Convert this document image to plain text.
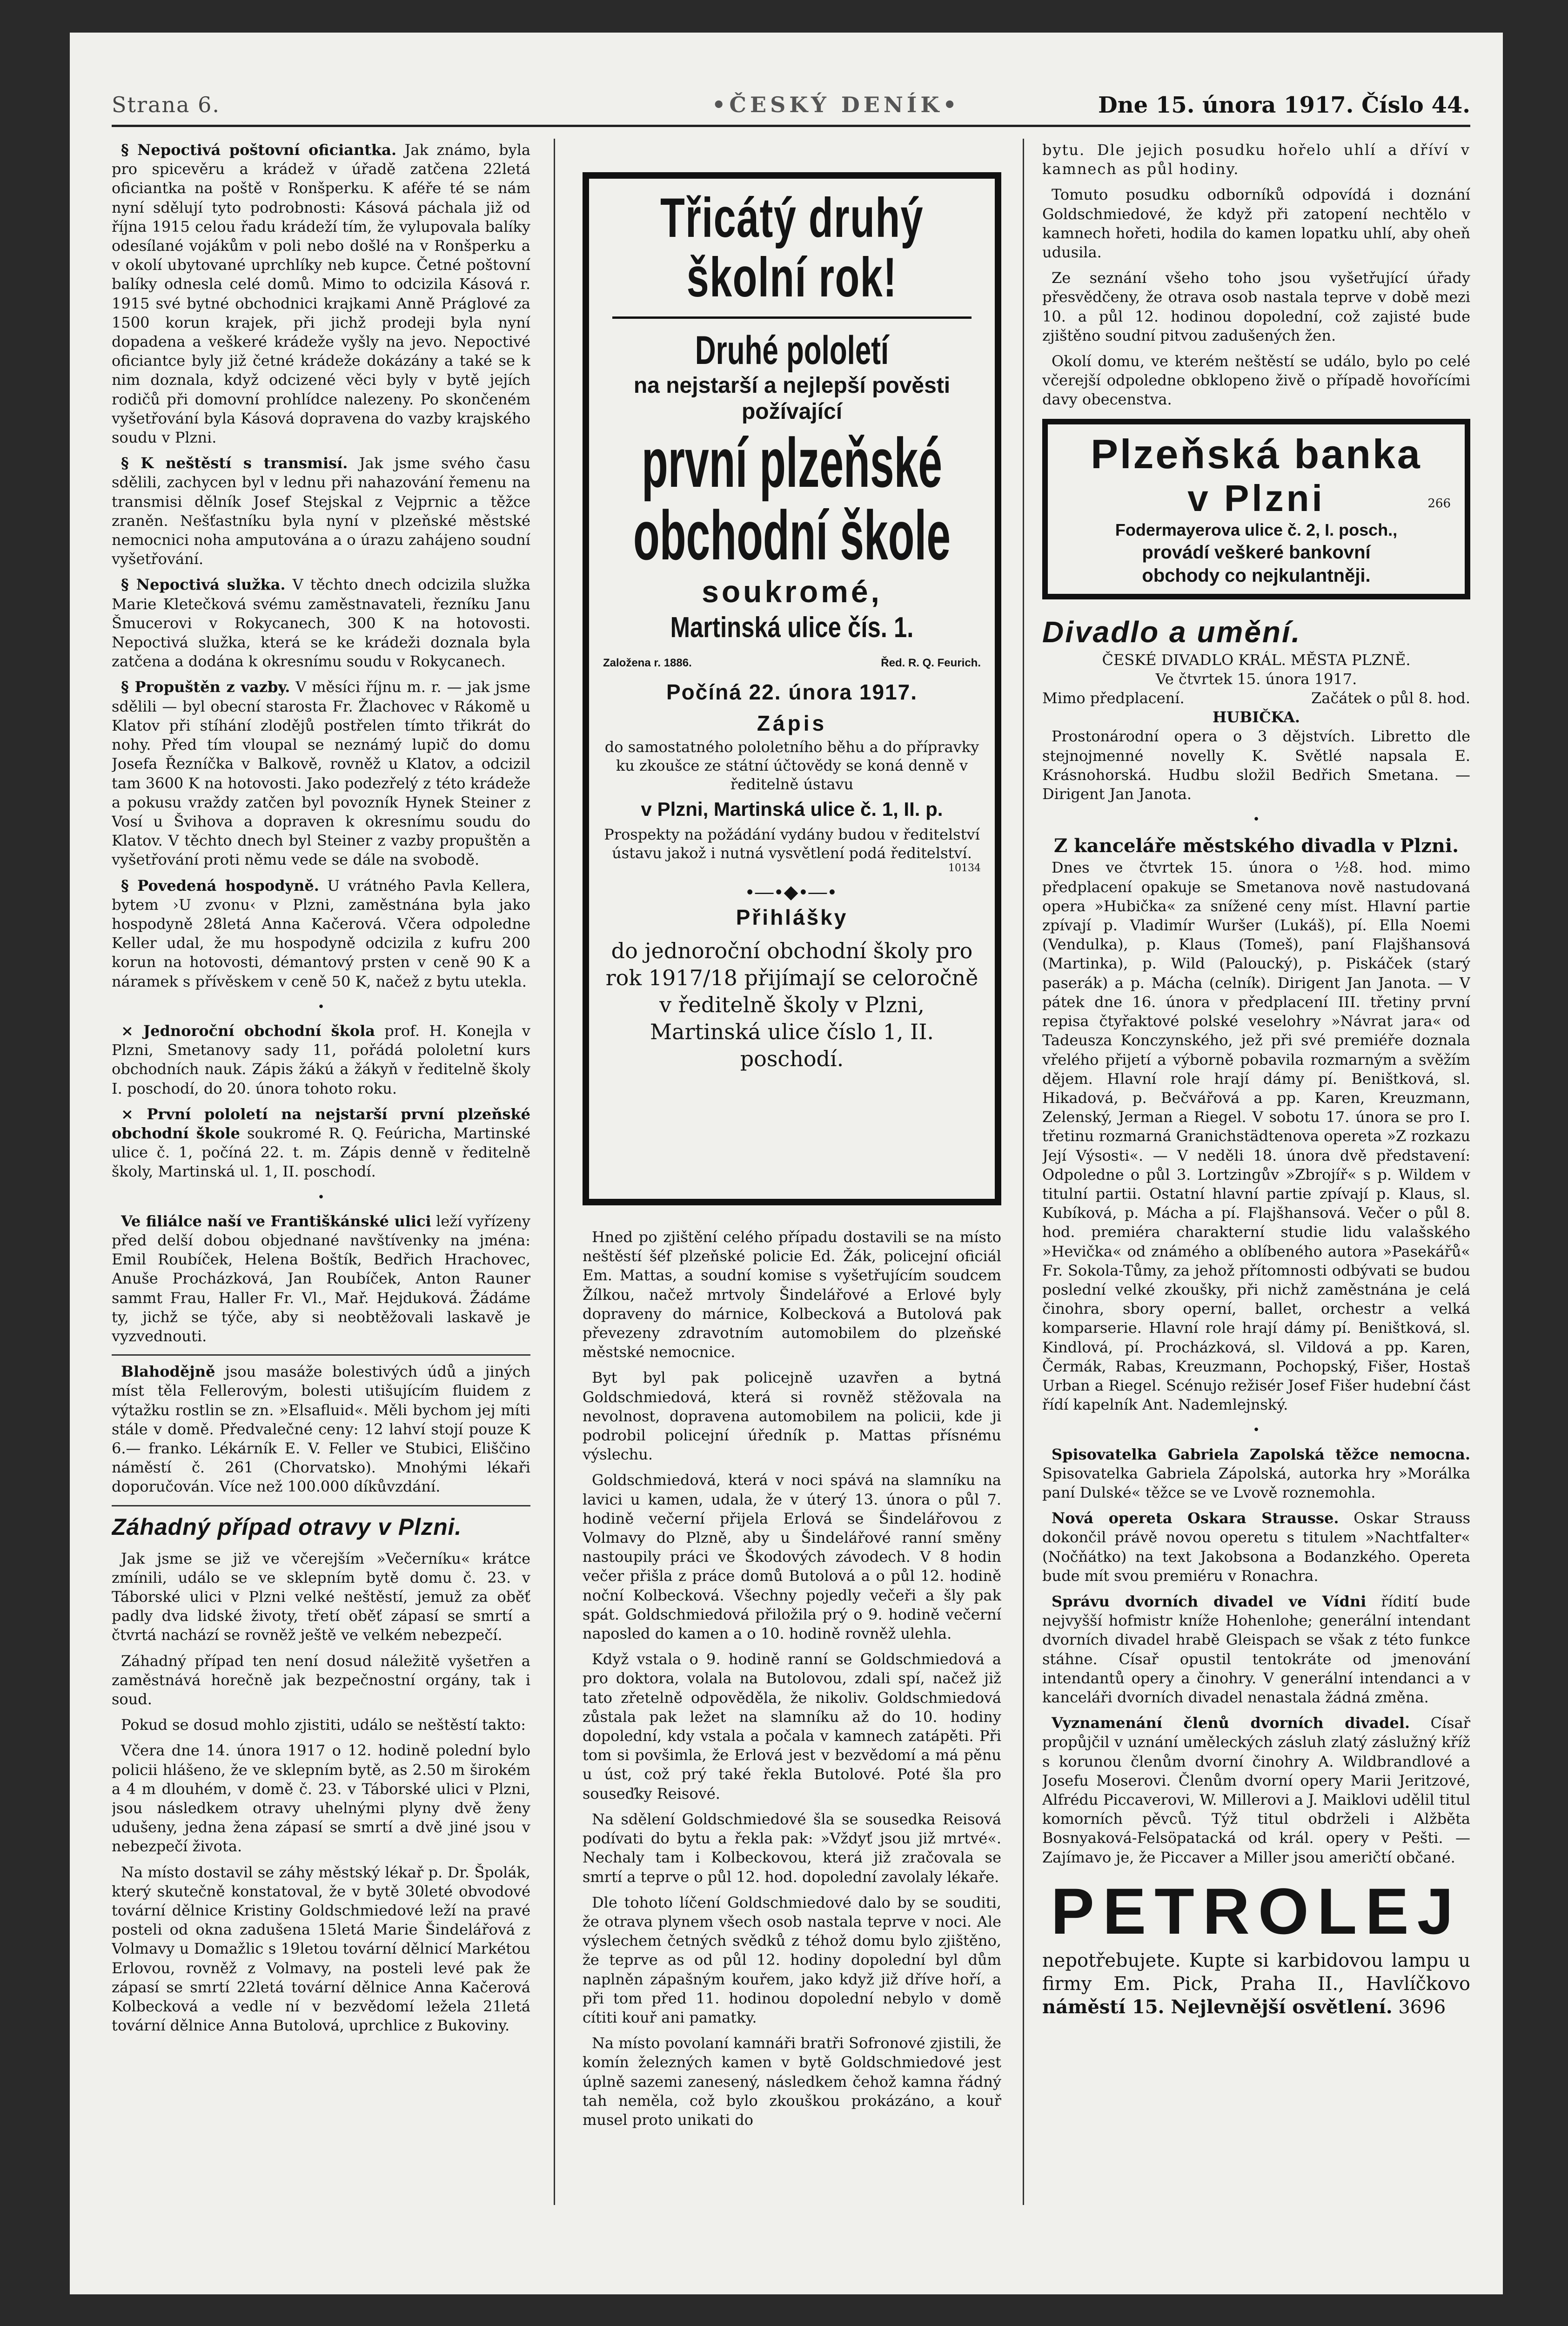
Strana 6.	•ČESKÝ DENÍK•	Dne 15. února 1917. Číslo 44.

§ Nepoctivá poštovní oficiantka. Jak známo, byla pro spicevěru a krádež v úřadě zatčena 22letá oficiantka na poště v Ronšperku. K aféře té se nám nyní sdělují tyto podrobnosti: Kásová páchala již od října 1915 celou řadu krádeží tím, že vylupovala balíky odesílané vojákům v poli nebo došlé na v Ronšperku a v okolí ubytované uprchlíky neb kupce. Četné poštovní balíky odnesla celé domů. Mimo to odcizila Kásová r. 1915 své bytné obchodnici krajkami Anně Práglové za 1500 korun krajek, při jichž prodeji byla nyní dopadena a veškeré krádeže vyšly na jevo. Nepoctivé oficiantce byly již četné krádeže dokázány a také se k nim doznala, když odcizené věci byly v bytě jejích rodičů při domovní prohlídce nalezeny. Po skončeném vyšetřování byla Kásová dopravena do vazby krajského soudu v Plzni.

§ K neštěstí s transmisí. Jak jsme svého času sdělili, zachycen byl v lednu při nahazování řemenu na transmisi dělník Josef Stejskal z Vejprnic a těžce zraněn. Nešťastníku byla nyní v plzeňské městské nemocnici noha amputována a o úrazu zahájeno soudní vyšetřování.

§ Nepoctivá služka. V těchto dnech odcizila služka Marie Kletečková svému zaměstnavateli, řezníku Janu Šmucerovi v Rokycanech, 300 K na hotovosti. Nepoctivá služka, která se ke krádeži doznala byla zatčena a dodána k okresnímu soudu v Rokycanech.

§ Propuštěn z vazby. V měsíci říjnu m. r. — jak jsme sdělili — byl obecní starosta Fr. Žlachovec v Rákomě u Klatov při stíhání zlodějů postřelen tímto třikrát do nohy. Před tím vloupal se neznámý lupič do domu Josefa Řezníčka v Balkově, rovněž u Klatov, a odcizil tam 3600 K na hotovosti. Jako podezřelý z této krádeže a pokusu vraždy zatčen byl povozník Hynek Steiner z Vosí u Švihova a dopraven k okresnímu soudu do Klatov. V těchto dnech byl Steiner z vazby propuštěn a vyšetřování proti němu vede se dále na svobodě.

§ Povedená hospodyně. U vrátného Pavla Kellera, bytem ›U zvonu‹ v Plzni, zaměstnána byla jako hospodyně 28letá Anna Kačerová. Včera odpoledne Keller udal, že mu hospodyně odcizila z kufru 200 korun na hotovosti, démantový prsten v ceně 90 K a náramek s přívěskem v ceně 50 K, načež z bytu utekla.

•

× Jednoroční obchodní škola prof. H. Konejla v Plzni, Smetanovy sady 11, pořádá pololetní kurs obchodních nauk. Zápis žákú a žákyň v ředitelně školy I. poschodí, do 20. února tohoto roku.

× První pololetí na nejstarší první plzeňské obchodní škole soukromé R. Q. Feúricha, Martinské ulice č. 1, počíná 22. t. m. Zápis denně v ředitelně školy, Martinská ul. 1, II. poschodí.

•

Ve filiálce naší ve Františkánské ulici leží vyřízeny před delší dobou objednané navštívenky na jména: Emil Roubíček, Helena Boštík, Bedřich Hrachovec, Anuše Procházková, Jan Roubíček, Anton Rauner sammt Frau, Haller Fr. Vl., Mař. Hejduková. Žádáme ty, jichž se týče, aby si neobtěžovali laskavě je vyzvednouti.

Blahodějně jsou masáže bolestivých údů a jiných míst těla Fellerovým, bolesti utišujícím fluidem z výtažku rostlin se zn. »Elsafluid«. Měli bychom jej míti stále v domě. Předvalečné ceny: 12 lahví stojí pouze K 6.— franko. Lékárník E. V. Feller ve Stubici, Eliščino náměstí č. 261 (Chorvatsko). Mnohými lékaři doporučován. Více než 100.000 díkůvzdání.

Záhadný případ otravy v Plzni.

Jak jsme se již ve včerejším »Večerníku« krátce zmínili, událo se ve sklepním bytě domu č. 23. v Táborské ulici v Plzni velké neštěstí, jemuž za oběť padly dva lidské životy, třetí oběť zápasí se smrtí a čtvrtá nachází se rovněž ještě ve velkém nebezpečí.

Záhadný případ ten není dosud náležitě vyšetřen a zaměstnává horečně jak bezpečnostní orgány, tak i soud.

Pokud se dosud mohlo zjistiti, událo se neštěstí takto:

Včera dne 14. února 1917 o 12. hodině polední bylo policii hlášeno, že ve sklepním bytě, as 2.50 m širokém a 4 m dlouhém, v domě č. 23. v Táborské ulici v Plzni, jsou následkem otravy uhelnými plyny dvě ženy udušeny, jedna žena zápasí se smrtí a dvě jiné jsou v nebezpečí života.

Na místo dostavil se záhy městský lékař p. Dr. Špolák, který skutečně konstatoval, že v bytě 30leté obvodové tovární dělnice Kristiny Goldschmiedové leží na pravé posteli od okna zadušena 15letá Marie Šindelářová z Volmavy u Domažlic s 19letou tovární dělnicí Markétou Erlovou, rovněž z Volmavy, na posteli levé pak že zápasí se smrtí 22letá tovární dělnice Anna Kačerová Kolbecková a vedle ní v bezvědomí ležela 21letá tovární dělnice Anna Butolová, uprchlice z Bukoviny.

Třicátý druhý
školní rok!
Druhé pololetí
na nejstarší a nejlepší pověsti
požívající
první plzeňské
obchodní škole
soukromé,
Martinská ulice čís. 1.
Založena r. 1886.	Řed. R. Q. Feurich.
Počíná 22. února 1917.
Zápis
do samostatného pololetního běhu a do přípravky ku zkoušce ze státní účtovědy se koná denně v ředitelně ústavu
v Plzni, Martinská ulice č. 1, II. p.
Prospekty na požádání vydány budou v ředitelství ústavu jakož i nutná vysvětlení podá ředitelství.
10134
•—•◆•—•
Přihlášky
do jednoroční obchodní školy pro rok 1917/18 přijímají se celoročně v ředitelně školy v Plzni, Martinská ulice číslo 1, II. poschodí.

Hned po zjištění celého případu dostavili se na místo neštěstí šéf plzeňské policie Ed. Žák, policejní oficiál Em. Mattas, a soudní komise s vyšetřujícím soudcem Žílkou, načež mrtvoly Šindelářové a Erlové byly dopraveny do márnice, Kolbecková a Butolová pak převezeny zdravotním automobilem do plzeňské městské nemocnice.

Byt byl pak policejně uzavřen a bytná Goldschmiedová, která si rovněž stěžovala na nevolnost, dopravena automobilem na policii, kde ji podrobil policejní úředník p. Mattas přísnému výslechu.

Goldschmiedová, která v noci spává na slamníku na lavici u kamen, udala, že v úterý 13. února o půl 7. hodině večerní přijela Erlová se Šindelářovou z Volmavy do Plzně, aby u Šindelářové ranní směny nastoupily práci ve Škodových závodech. V 8 hodin večer přišla z práce domů Butolová a o půl 12. hodině noční Kolbecková. Všechny pojedly večeři a šly pak spát. Goldschmiedová přiložila prý o 9. hodině večerní naposled do kamen a o 10. hodině rovněž ulehla.

Když vstala o 9. hodině ranní se Goldschmiedová a pro doktora, volala na Butolovou, zdali spí, načež již tato zřetelně odpověděla, že nikoliv. Goldschmiedová zůstala pak ležet na slamníku až do 10. hodiny dopolední, kdy vstala a počala v kamnech zatápěti. Při tom si povšimla, že Erlová jest v bezvědomí a má pěnu u úst, což prý také řekla Butolové. Poté šla pro souseďky Reisové.

Na sdělení Goldschmiedové šla se sousedka Reisová podívati do bytu a řekla pak: »Vždyť jsou již mrtvé«. Nechaly tam i Kolbeckovou, která již zračovala se smrtí a teprve o půl 12. hod. dopolední zavolaly lékaře.

Dle tohoto líčení Goldschmiedové dalo by se souditi, že otrava plynem všech osob nastala teprve v noci. Ale výslechem četných svědků z téhož domu bylo zjištěno, že teprve as od půl 12. hodiny dopolední byl dům naplněn zápašným kouřem, jako když již dříve hoří, a při tom před 11. hodinou dopolední nebylo v domě cítiti kouř ani pamatky.

Na místo povolaní kamnáři bratři Sofronové zjistili, že komín železných kamen v bytě Goldschmiedové jest úplně sazemi zanesený, následkem čehož kamna řádný tah neměla, což bylo zkouškou prokázáno, a kouř musel proto unikati do

bytu. Dle jejich posudku hořelo uhlí a dříví v kamnech as půl hodiny.

Tomuto posudku odborníků odpovídá i doznání Goldschmiedové, že když při zatopení nechtělo v kamnech hořeti, hodila do kamen lopatku uhlí, aby oheň udusila.

Ze seznání všeho toho jsou vyšetřující úřady přesvědčeny, že otrava osob nastala teprve v době mezi 10. a půl 12. hodinou dopolední, což zajisté bude zjištěno soudní pitvou zadušených žen.

Okolí domu, ve kterém neštěstí se událo, bylo po celé včerejší odpoledne obklopeno živě o případě hovořícími davy obecenstva.

Plzeňská banka
v Plzni	266
Fodermayerova ulice č. 2, I. posch.,
provádí veškeré bankovní
obchody co nejkulantněji.
Divadlo a umění.

ČESKÉ DIVADLO KRÁL. MĚSTA PLZNĚ.

Ve čtvrtek 15. února 1917.

Mimo předplacení.	Začátek o půl 8. hod.

HUBIČKA.

Prostonárodní opera o 3 dějstvích. Libretto dle stejnojmenné novelly K. Světlé napsala E. Krásnohorská. Hudbu složil Bedřich Smetana. — Dirigent Jan Janota.

•

Z kanceláře městského divadla v Plzni.

Dnes ve čtvrtek 15. února o ½8. hod. mimo předplacení opakuje se Smetanova nově nastudovaná opera »Hubička« za snížené ceny míst. Hlavní partie zpívají p. Vladimír Wuršer (Lukáš), pí. Ella Noemi (Vendulka), p. Klaus (Tomeš), paní Flajšhansová (Martinka), p. Wild (Paloucký), p. Piskáček (starý paserák) a p. Mácha (celník). Dirigent Jan Janota. — V pátek dne 16. února v předplacení III. třetiny první repisa čtyřaktové polské veselohry »Návrat jara« od Tadeusza Konczynského, jež při své premiéře doznala vřelého přijetí a výborně pobavila rozmarným a svěžím dějem. Hlavní role hrají dámy pí. Beništková, sl. Hikadová, p. Bečvářová a pp. Karen, Kreuzmann, Zelenský, Jerman a Riegel. V sobotu 17. února se pro I. třetinu rozmarná Granichstädtenova opereta »Z rozkazu Její Výsosti«. — V neděli 18. února dvě představení: Odpoledne o půl 3. Lortzingův »Zbrojíř« s p. Wildem v titulní partii. Ostatní hlavní partie zpívají p. Klaus, sl. Kubíková, p. Mácha a pí. Flajšhansová. Večer o půl 8. hod. premiéra charakterní studie lidu valašského »Hevička« od známého a oblíbeného autora »Pasekářů« Fr. Sokola-Tůmy, za jehož přítomnosti odbývati se budou poslední velké zkoušky, při nichž zaměstnána je celá činohra, sbory operní, ballet, orchestr a velká komparserie. Hlavní role hrají dámy pí. Beništková, sl. Kindlová, pí. Procházková, sl. Vildová a pp. Karen, Čermák, Rabas, Kreuzmann, Pochopský, Fišer, Hostaš Urban a Riegel. Scénujo režisér Josef Fišer hudební část řídí kapelník Ant. Nademlejnský.

•

Spisovatelka Gabriela Zapolská těžce nemocna. Spisovatelka Gabriela Zápolská, autorka hry »Morálka paní Dulské« těžce se ve Lvově roznemohla.

Nová opereta Oskara Strausse. Oskar Strauss dokončil právě novou operetu s titulem »Nachtfalter« (Nočňátko) na text Jakobsona a Bodanzkého. Opereta bude mít svou premiéru v Ronachra.

Správu dvorních divadel ve Vídni řídití bude nejvyšší hofmistr kníže Hohenlohe; generální intendant dvorních divadel hrabě Gleispach se však z této funkce stáhne. Císař opustil tentokráte od jmenování intendantů opery a činohry. V generální intendanci a v kanceláři dvorních divadel nenastala žádná změna.

Vyznamenání členů dvorních divadel. Císař propůjčil v uznání uměleckých zásluh zlatý záslužný kříž s korunou členům dvorní činohry A. Wildbrandlové a Josefu Moserovi. Členům dvorní opery Marii Jeritzové, Alfrédu Piccaverovi, W. Millerovi a J. Maiklovi udělil titul komorních pěvců. Týž titul obdrželi i Alžběta Bosnyaková-Felsöpatacká od král. opery v Pešti. — Zajímavo je, že Piccaver a Miller jsou američtí občané.

PETROLEJ

nepotřebujete. Kupte si karbidovou lampu u firmy Em. Pick, Praha II., Havlíčkovo náměstí 15. Nejlevnější osvětlení. 3696
